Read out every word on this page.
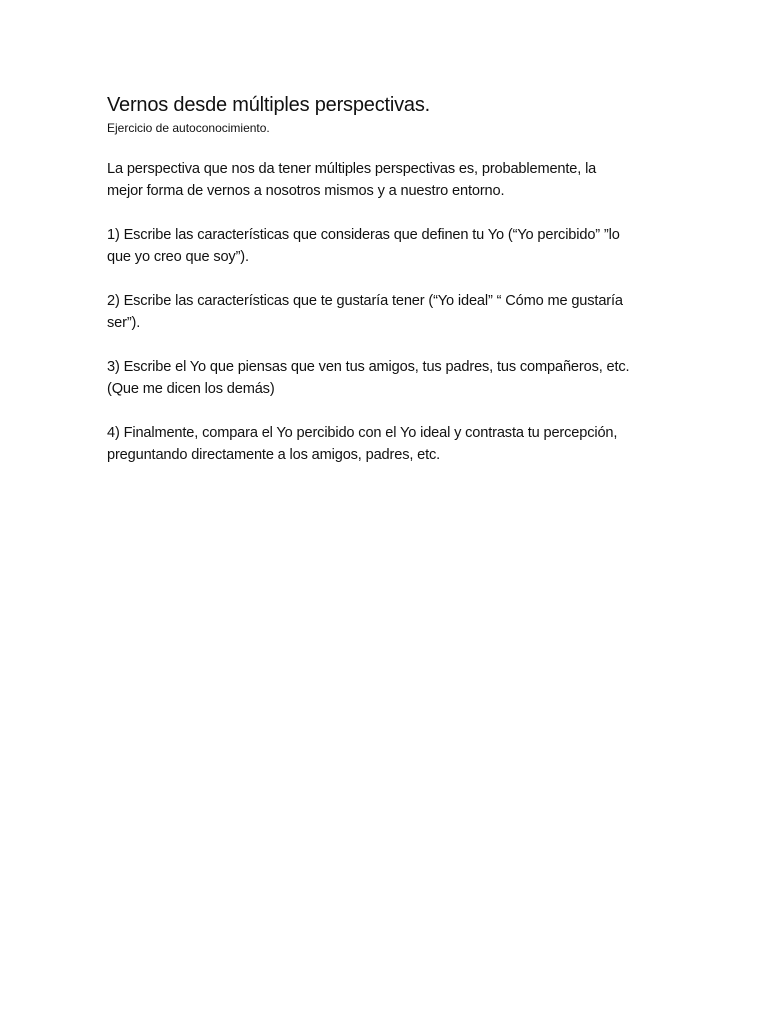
Vernos desde múltiples perspectivas.

Ejercicio de autoconocimiento.

La perspectiva que nos da tener múltiples perspectivas es, probablemente, la
mejor forma de vernos a nosotros mismos y a nuestro entorno.

1) Escribe las características que consideras que definen tu Yo (“Yo percibido” ”lo
que yo creo que soy”).

2) Escribe las características que te gustaría tener (“Yo ideal” “ Cómo me gustaría
ser”).

3) Escribe el Yo que piensas que ven tus amigos, tus padres, tus compañeros, etc.
(Que me dicen los demás)

4) Finalmente, compara el Yo percibido con el Yo ideal y contrasta tu percepción,
preguntando directamente a los amigos, padres, etc.
